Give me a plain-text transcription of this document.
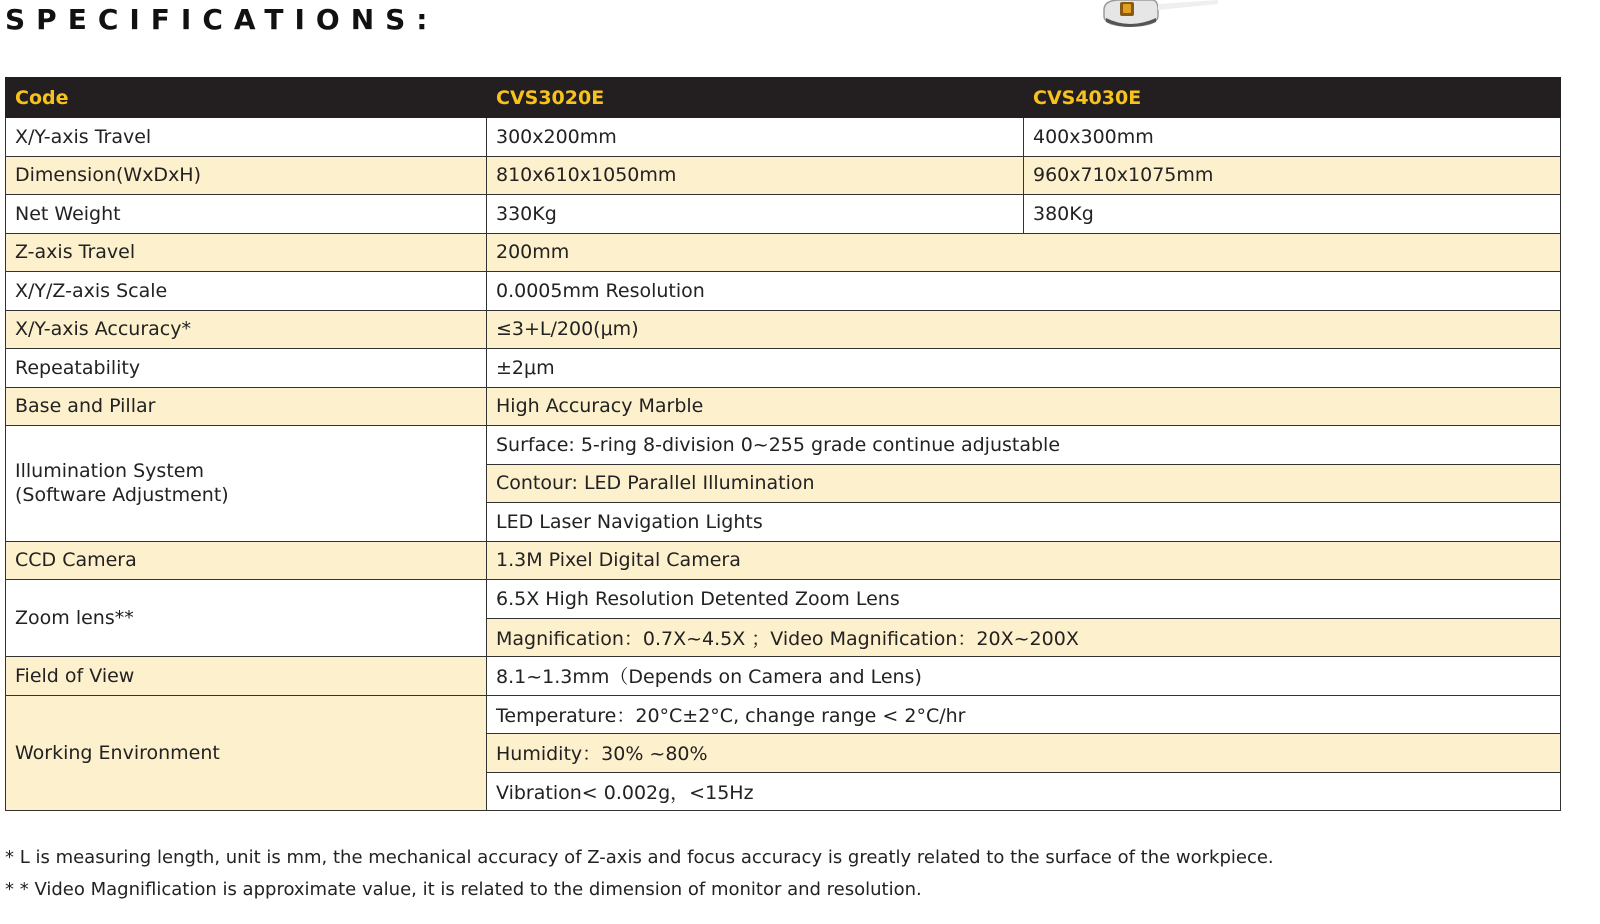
SPECIFICATIONS:
Code	CVS3020E	CVS4030E
X/Y-axis Travel	300x200mm	400x300mm
Dimension(WxDxH)	810x610x1050mm	960x710x1075mm
Net Weight	330Kg	380Kg
Z-axis Travel	200mm	
X/Y/Z-axis Scale	0.0005mm Resolution	
X/Y-axis Accuracy*	≤3+L/200(μm)	
Repeatability	±2μm	
Base and Pillar	High Accuracy Marble	

Illumination System
(Software Adjustment)	Surface: 5-ring 8-division 0~255 grade continue adjustable	
	Contour: LED Parallel Illumination	
	LED Laser Navigation Lights	
CCD Camera	1.3M Pixel Digital Camera	
Zoom lens**	6.5X High Resolution Detented Zoom Lens	
	Magnification：0.7X~4.5X ；Video Magnification：20X~200X	
Field of View	8.1~1.3mm（Depends on Camera and Lens)	
Working Environment	Temperature：20°C±2°C, change range < 2°C/hr	
	Humidity：30% ~80%	
	Vibration< 0.002g，<15Hz	
* L is measuring length, unit is mm, the mechanical accuracy of Z-axis and focus accuracy is greatly related to the surface of the workpiece.
* * Video Magniflication is approximate value, it is related to the dimension of monitor and resolution.
